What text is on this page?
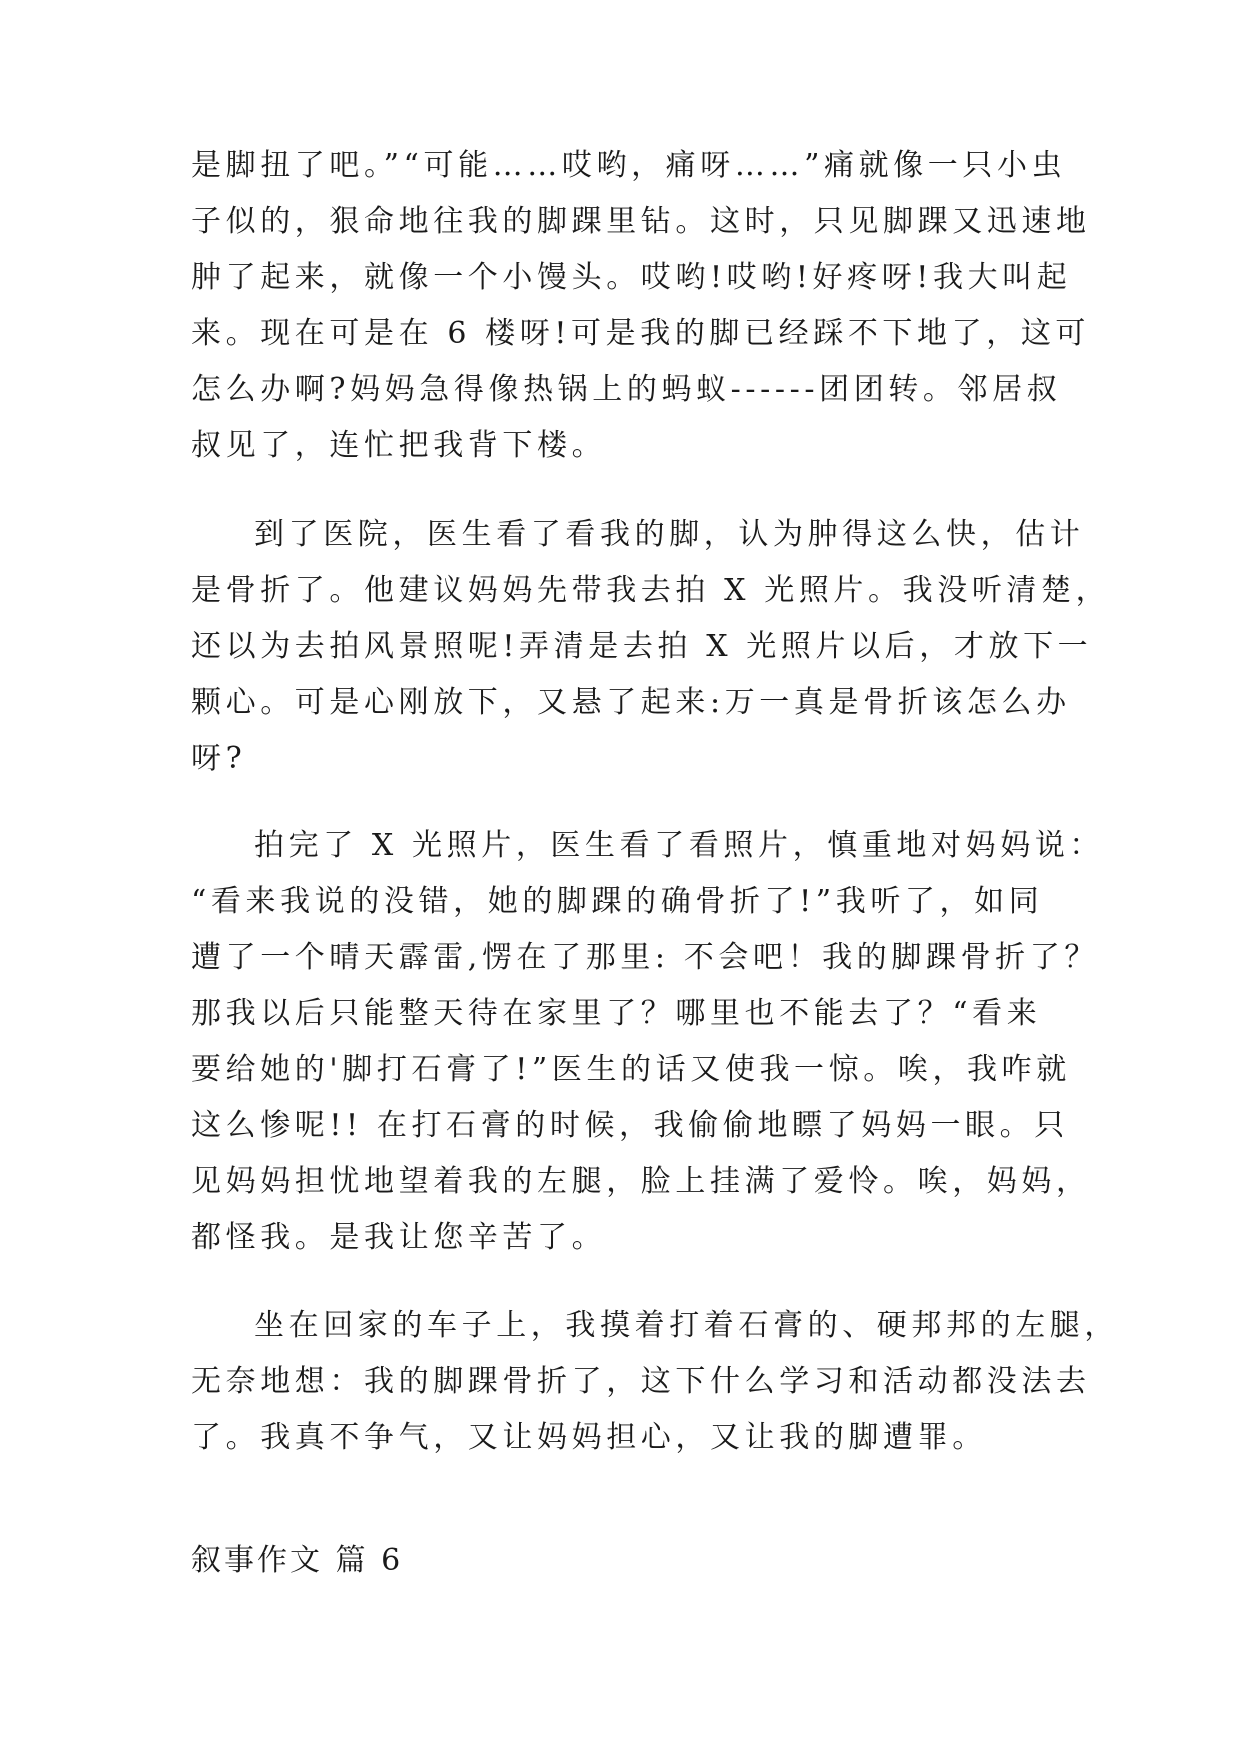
是脚扭了吧。”“可能……哎哟，痛呀……”痛就像一只小虫
子似的，狠命地往我的脚踝里钻。这时，只见脚踝又迅速地
肿了起来，就像一个小馒头。哎哟!哎哟!好疼呀!我大叫起
来。现在可是在 6 楼呀!可是我的脚已经踩不下地了，这可
怎么办啊?妈妈急得像热锅上的蚂蚁------团团转。邻居叔
叔见了，连忙把我背下楼。
到了医院，医生看了看我的脚，认为肿得这么快，估计
是骨折了。他建议妈妈先带我去拍 X 光照片。我没听清楚，
还以为去拍风景照呢!弄清是去拍 X 光照片以后，才放下一
颗心。可是心刚放下，又悬了起来:万一真是骨折该怎么办
呀?
拍完了 X 光照片，医生看了看照片，慎重地对妈妈说：
“看来我说的没错，她的脚踝的确骨折了!”我听了，如同
遭了一个晴天霹雷,愣在了那里: 不会吧！我的脚踝骨折了？
那我以后只能整天待在家里了？哪里也不能去了？“看来
要给她的'脚打石膏了!”医生的话又使我一惊。唉，我咋就
这么惨呢!! 在打石膏的时候，我偷偷地瞟了妈妈一眼。只
见妈妈担忧地望着我的左腿，脸上挂满了爱怜。唉，妈妈，
都怪我。是我让您辛苦了。
坐在回家的车子上，我摸着打着石膏的、硬邦邦的左腿，
无奈地想：我的脚踝骨折了，这下什么学习和活动都没法去
了。我真不争气，又让妈妈担心，又让我的脚遭罪。
叙事作文 篇 6
